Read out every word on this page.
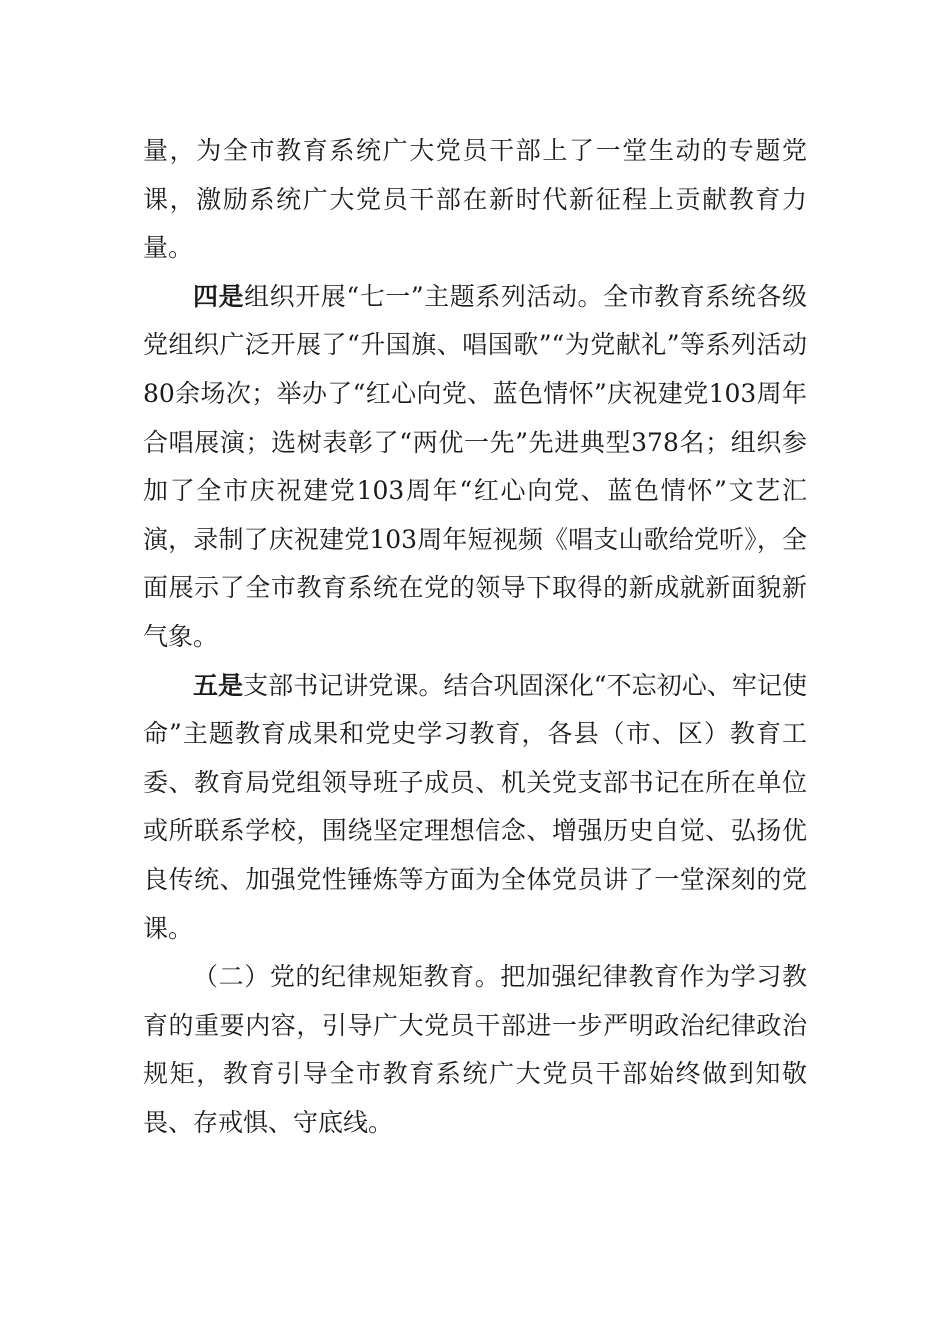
量，为全市教育系统广大党员干部上了一堂生动的专题党课，激励系统广大党员干部在新时代新征程上贡献教育力量。

四是组织开展“七一”主题系列活动。全市教育系统各级党组织广泛开展了“升国旗、唱国歌”“为党献礼”等系列活动80余场次；举办了“红心向党、蓝色情怀”庆祝建党103周年合唱展演；选树表彰了“两优一先”先进典型378名；组织参加了全市庆祝建党103周年“红心向党、蓝色情怀”文艺汇演，录制了庆祝建党103周年短视频《唱支山歌给党听》，全面展示了全市教育系统在党的领导下取得的新成就新面貌新气象。

五是支部书记讲党课。结合巩固深化“不忘初心、牢记使命”主题教育成果和党史学习教育，各县（市、区）教育工委、教育局党组领导班子成员、机关党支部书记在所在单位或所联系学校，围绕坚定理想信念、增强历史自觉、弘扬优良传统、加强党性锤炼等方面为全体党员讲了一堂深刻的党课。

（二）党的纪律规矩教育。把加强纪律教育作为学习教育的重要内容，引导广大党员干部进一步严明政治纪律政治规矩，教育引导全市教育系统广大党员干部始终做到知敬畏、存戒惧、守底线。
